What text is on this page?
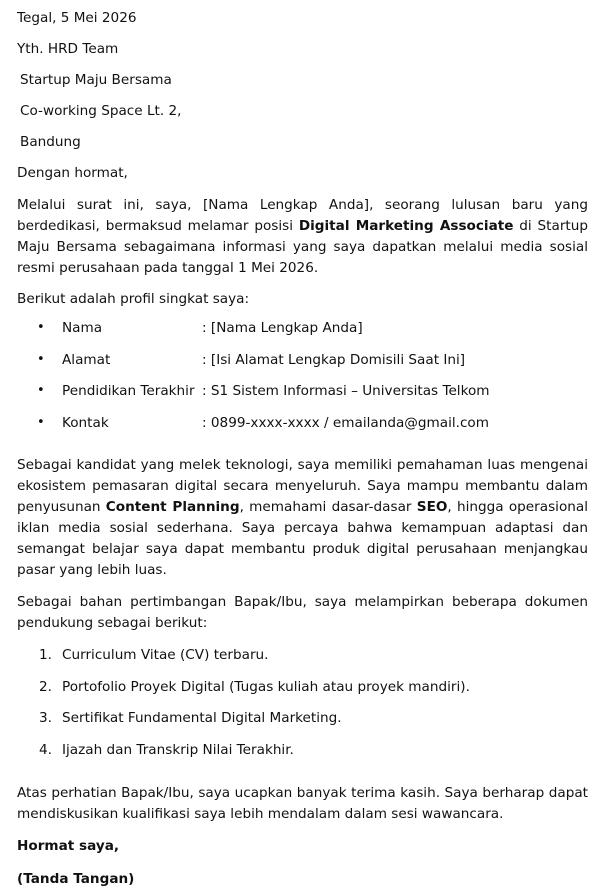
Tegal, 5 Mei 2026
Yth. HRD Team
Startup Maju Bersama
Co-working Space Lt. 2,
Bandung
Dengan hormat,

Melalui surat ini, saya, [Nama Lengkap Anda], seorang lulusan baru yang berdedikasi, bermaksud melamar posisi Digital Marketing Associate di Startup Maju Bersama sebagaimana informasi yang saya dapatkan melalui media sosial resmi perusahaan pada tanggal 1 Mei 2026.

Berikut adalah profil singkat saya:
• Nama	: [Nama Lengkap Anda]
• Alamat	: [Isi Alamat Lengkap Domisili Saat Ini]
• Pendidikan Terakhir : S1 Sistem Informasi – Universitas Telkom
• Kontak	: 0899-xxxx-xxxx / emailanda@gmail.com

Sebagai kandidat yang melek teknologi, saya memiliki pemahaman luas mengenai ekosistem pemasaran digital secara menyeluruh. Saya mampu membantu dalam penyusunan Content Planning, memahami dasar-dasar SEO, hingga operasional iklan media sosial sederhana. Saya percaya bahwa kemampuan adaptasi dan semangat belajar saya dapat membantu produk digital perusahaan menjangkau pasar yang lebih luas.

Sebagai bahan pertimbangan Bapak/Ibu, saya melampirkan beberapa dokumen pendukung sebagai berikut:

1. Curriculum Vitae (CV) terbaru.
2. Portofolio Proyek Digital (Tugas kuliah atau proyek mandiri).
3. Sertifikat Fundamental Digital Marketing.
4. Ijazah dan Transkrip Nilai Terakhir.

Atas perhatian Bapak/Ibu, saya ucapkan banyak terima kasih. Saya berharap dapat mendiskusikan kualifikasi saya lebih mendalam dalam sesi wawancara.

Hormat saya,
(Tanda Tangan)
